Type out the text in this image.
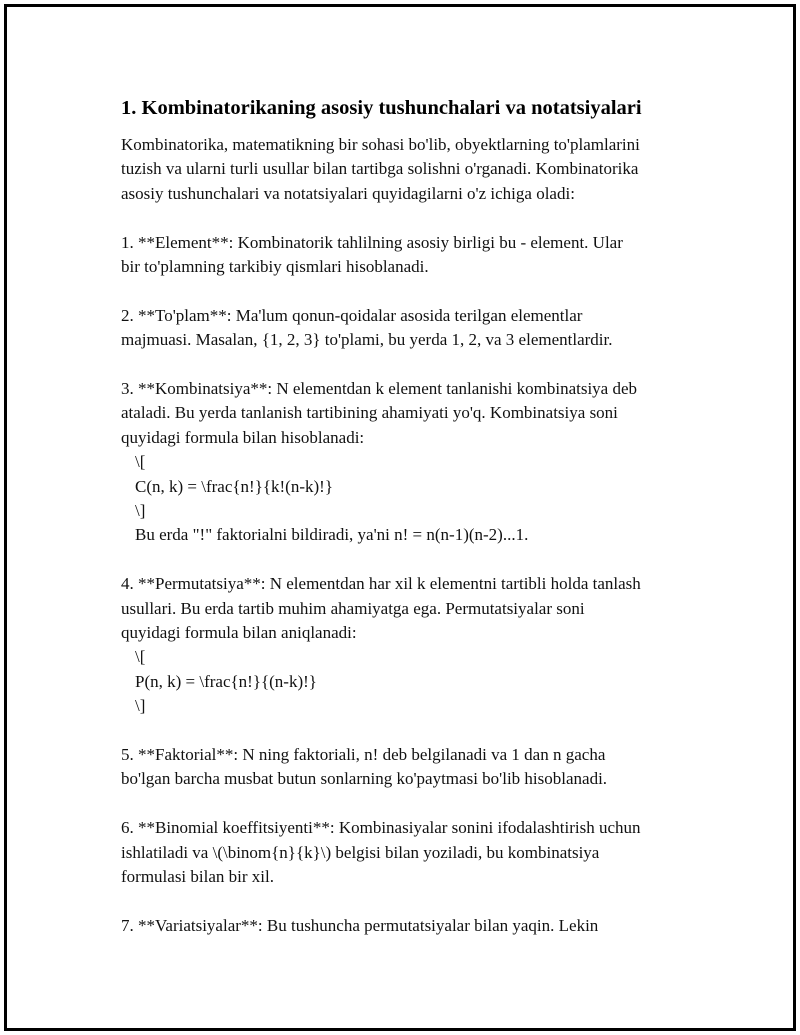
1. Kombinatorikaning asosiy tushunchalari va notatsiyalari

Kombinatorika, matematikning bir sohasi bo'lib, obyektlarning to'plamlarini

tuzish va ularni turli usullar bilan tartibga solishni o'rganadi. Kombinatorika

asosiy tushunchalari va notatsiyalari quyidagilarni o'z ichiga oladi:

1. **Element**: Kombinatorik tahlilning asosiy birligi bu - element. Ular

bir to'plamning tarkibiy qismlari hisoblanadi.

2. **To'plam**: Ma'lum qonun-qoidalar asosida terilgan elementlar

majmuasi. Masalan, {1, 2, 3} to'plami, bu yerda 1, 2, va 3 elementlardir.

3. **Kombinatsiya**: N elementdan k element tanlanishi kombinatsiya deb

ataladi. Bu yerda tanlanish tartibining ahamiyati yo'q. Kombinatsiya soni

quyidagi formula bilan hisoblanadi:

\[

C(n, k) = \frac{n!}{k!(n-k)!}

\]

Bu erda "!" faktorialni bildiradi, ya'ni n! = n(n-1)(n-2)...1.

4. **Permutatsiya**: N elementdan har xil k elementni tartibli holda tanlash

usullari. Bu erda tartib muhim ahamiyatga ega. Permutatsiyalar soni

quyidagi formula bilan aniqlanadi:

\[

P(n, k) = \frac{n!}{(n-k)!}

\]

5. **Faktorial**: N ning faktoriali, n! deb belgilanadi va 1 dan n gacha

bo'lgan barcha musbat butun sonlarning ko'paytmasi bo'lib hisoblanadi.

6. **Binomial koeffitsiyenti**: Kombinasiyalar sonini ifodalashtirish uchun

ishlatiladi va \(\binom{n}{k}\) belgisi bilan yoziladi, bu kombinatsiya

formulasi bilan bir xil.

7. **Variatsiyalar**: Bu tushuncha permutatsiyalar bilan yaqin. Lekin
